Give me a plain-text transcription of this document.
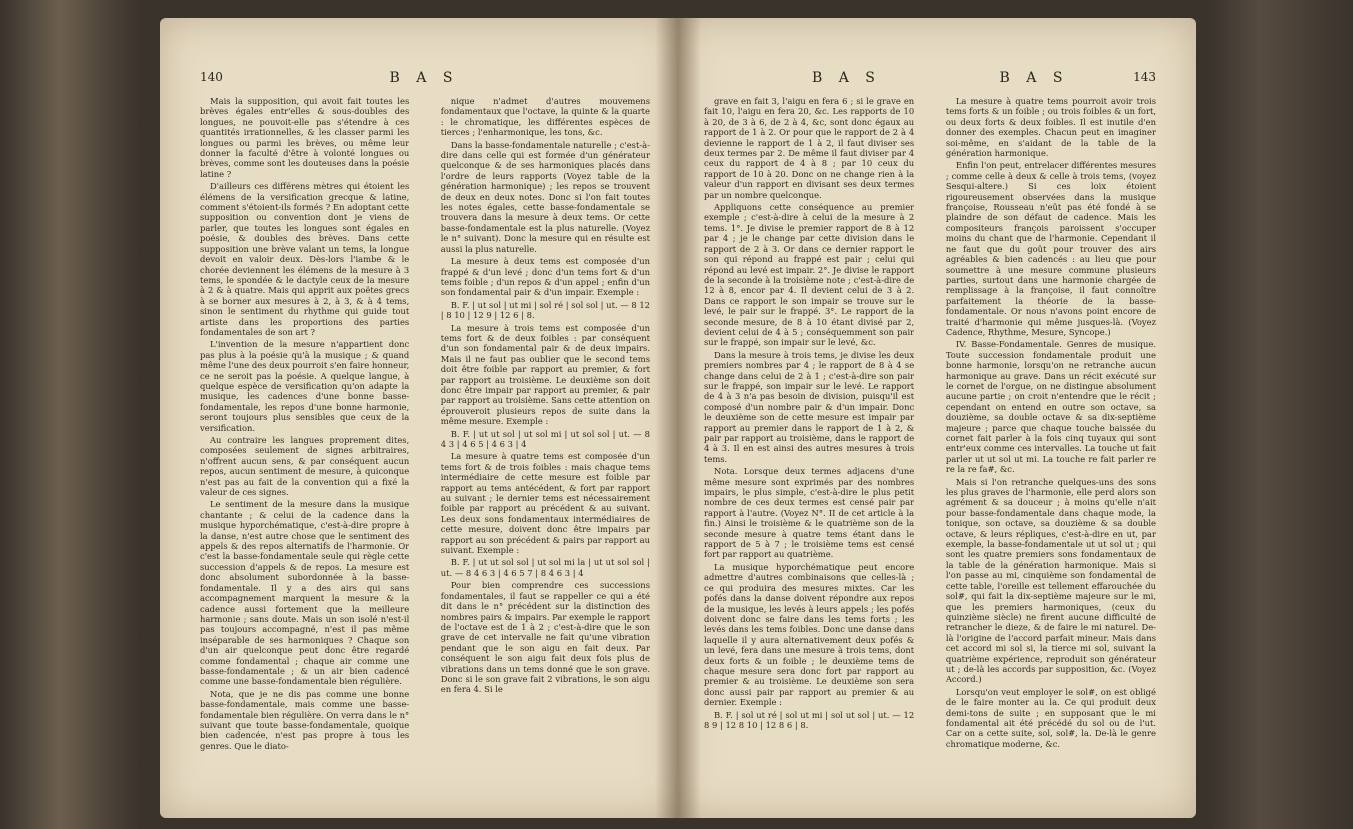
140	B A S

Mais la supposition, qui avoit fait toutes les brèves égales entr'elles & sous-doubles des longues, ne pouvoit-elle pas s'étendre à ces quantités irrationnelles, & les classer parmi les longues ou parmi les brèves, ou même leur donner la faculté d'être à volonté longues ou brèves, comme sont les douteuses dans la poésie latine ?

D'ailleurs ces différens mètres qui étoient les élémens de la versification grecque & latine, comment s'étoient-ils formés ? En adoptant cette supposition ou convention dont je viens de parler, que toutes les longues sont égales en poésie, & doubles des brèves. Dans cette supposition une brève valant un tems, la longue devoit en valoir deux. Dès-lors l'iambe & le chorée deviennent les élémens de la mesure à 3 tems, le spondée & le dactyle ceux de la mesure à 2 & à quatre. Mais qui apprit aux poëtes grecs à se borner aux mesures à 2, à 3, & à 4 tems, sinon le sentiment du rhythme qui guide tout artiste dans les proportions des parties fondamentales de son art ?

L'invention de la mesure n'appartient donc pas plus à la poésie qu'à la musique ; & quand même l'une des deux pourroit s'en faire honneur, ce ne seroit pas la poésie. A quelque langue, à quelque espèce de versification qu'on adapte la musique, les cadences d'une bonne basse-fondamentale, les repos d'une bonne harmonie, seront toujours plus sensibles que ceux de la versification.

Au contraire les langues proprement dites, composées seulement de signes arbitraires, n'offrent aucun sens, & par conséquent aucun repos, aucun sentiment de mesure, à quiconque n'est pas au fait de la convention qui a fixé la valeur de ces signes.

Le sentiment de la mesure dans la musique chantante ; & celui de la cadence dans la musique hyporchématique, c'est-à-dire propre à la danse, n'est autre chose que le sentiment des appels & des repos alternatifs de l'harmonie. Or c'est la basse-fondamentale seule qui règle cette succession d'appels & de repos. La mesure est donc absolument subordonnée à la basse-fondamentale. Il y a des airs qui sans accompagnement marquent la mesure & la cadence aussi fortement que la meilleure harmonie ; sans doute. Mais un son isolé n'est-il pas toujours accompagné, n'est il pas même inséparable de ses harmoniques ? Chaque son d'un air quelconque peut donc être regardé comme fondamental ; chaque air comme une basse-fondamentale ; & un air bien cadencé comme une basse-fondamentale bien régulière.

Nota, que je ne dis pas comme une bonne basse-fondamentale, mais comme une basse-fondamentale bien régulière. On verra dans le n° suivant que toute basse-fondamentale, quoique bien cadencée, n'est pas propre à tous les genres. Que le diato-

nique n'admet d'autres mouvemens fondamentaux que l'octave, la quinte & la quarte : le chromatique, les différentes espèces de tierces ; l'enharmonique, les tons, &c.

Dans la basse-fondamentale naturelle ; c'est-à-dire dans celle qui est formée d'un générateur quelconque & de ses harmoniques placés dans l'ordre de leurs rapports (Voyez table de la génération harmonique) ; les repos se trouvent de deux en deux notes. Donc si l'on fait toutes les notes égales, cette basse-fondamentale se trouvera dans la mesure à deux tems. Or cette basse-fondamentale est la plus naturelle. (Voyez le n° suivant). Donc la mesure qui en résulte est aussi la plus naturelle.

La mesure à deux tems est composée d'un frappé & d'un levé ; donc d'un tems fort & d'un tems foible ; d'un repos & d'un appel ; enfin d'un son fondamental pair & d'un impair. Exemple :

B. F. | ut sol | ut mi | sol ré | sol sol | ut. — 8 12 | 8 10 | 12 9 | 12 6 | 8.

La mesure à trois tems est composée d'un tems fort & de deux foibles : par conséquent d'un son fondamental pair & de deux impairs. Mais il ne faut pas oublier que le second tems doit être foible par rapport au premier, & fort par rapport au troisième. Le deuxième son doit donc être impair par rapport au premier, & pair par rapport au troisième. Sans cette attention on éprouveroit plusieurs repos de suite dans la même mesure. Exemple :

B. F. | ut ut sol | ut sol mi | ut sol sol | ut. — 8 4 3 | 4 6 5 | 4 6 3 | 4

La mesure à quatre tems est composée d'un tems fort & de trois foibles : mais chaque tems intermédiaire de cette mesure est foible par rapport au tems antécédent, & fort par rapport au suivant ; le dernier tems est nécessairement foible par rapport au précédent & au suivant. Les deux sons fondamentaux intermédiaires de cette mesure, doivent donc être impairs par rapport au son précédent & pairs par rapport au suivant. Exemple :

B. F. | ut ut sol sol | ut sol mi la | ut ut sol sol | ut. — 8 4 6 3 | 4 6 5 7 | 8 4 6 3 | 4

Pour bien comprendre ces successions fondamentales, il faut se rappeller ce qui a été dit dans le n° précédent sur la distinction des nombres pairs & impairs. Par exemple le rapport de l'octave est de 1 à 2 ; c'est-à-dire que le son grave de cet intervalle ne fait qu'une vibration pendant que le son aigu en fait deux. Par conséquent le son aigu fait deux fois plus de vibrations dans un tems donné que le son grave. Donc si le son grave fait 2 vibrations, le son aigu en fera 4. Si le

B A S	B A S	143

grave en fait 3, l'aigu en fera 6 ; si le grave en fait 10, l'aigu en fera 20, &c. Les rapports de 10 à 20, de 3 à 6, de 2 à 4, &c, sont donc égaux au rapport de 1 à 2. Or pour que le rapport de 2 à 4 devienne le rapport de 1 à 2, il faut diviser ses deux termes par 2. De même il faut diviser par 4 ceux du rapport de 4 à 8 ; par 10 ceux du rapport de 10 à 20. Donc on ne change rien à la valeur d'un rapport en divisant ses deux termes par un nombre quelconque.

Appliquons cette conséquence au premier exemple ; c'est-à-dire à celui de la mesure à 2 tems. 1°. Je divise le premier rapport de 8 à 12 par 4 ; je le change par cette division dans le rapport de 2 à 3. Or dans ce dernier rapport le son qui répond au frappé est pair ; celui qui répond au levé est impair. 2°. Je divise le rapport de la seconde à la troisième note ; c'est-à-dire de 12 à 8, encor par 4. Il devient celui de 3 à 2. Dans ce rapport le son impair se trouve sur le levé, le pair sur le frappé. 3°. Le rapport de la seconde mesure, de 8 à 10 étant divisé par 2, devient celui de 4 à 5 ; conséquemment son pair sur le frappé, son impair sur le levé, &c.

Dans la mesure à trois tems, je divise les deux premiers nombres par 4 ; le rapport de 8 à 4 se change dans celui de 2 à 1 ; c'est-à-dire son pair sur le frappé, son impair sur le levé. Le rapport de 4 à 3 n'a pas besoin de division, puisqu'il est composé d'un nombre pair & d'un impair. Donc le deuxième son de cette mesure est impair par rapport au premier dans le rapport de 1 à 2, & pair par rapport au troisième, dans le rapport de 4 à 3. Il en est ainsi des autres mesures à trois tems.

Nota. Lorsque deux termes adjacens d'une même mesure sont exprimés par des nombres impairs, le plus simple, c'est-à-dire le plus petit nombre de ces deux termes est censé pair par rapport à l'autre. (Voyez N°. II de cet article à la fin.) Ainsi le troisième & le quatrième son de la seconde mesure à quatre tems étant dans le rapport de 5 à 7 ; le troisième tems est censé fort par rapport au quatrième.

La musique hyporchématique peut encore admettre d'autres combinaisons que celles-là ; ce qui produira des mesures mixtes. Car les pofés dans la danse doivent répondre aux repos de la musique, les levés à leurs appels ; les pofés doivent donc se faire dans les tems forts ; les levés dans les tems foibles. Donc une danse dans laquelle il y aura alternativement deux pofés & un levé, fera dans une mesure à trois tems, dont deux forts & un foible ; le deuxième tems de chaque mesure sera donc fort par rapport au premier & au troisième. Le deuxième son sera donc aussi pair par rapport au premier & au dernier. Exemple :

B. F. | sol ut ré | sol ut mi | sol ut sol | ut. — 12 8 9 | 12 8 10 | 12 8 6 | 8.

La mesure à quatre tems pourroit avoir trois tems forts & un foible ; ou trois foibles & un fort, ou deux forts & deux foibles. Il est inutile d'en donner des exemples. Chacun peut en imaginer soi-même, en s'aidant de la table de la génération harmonique.

Enfin l'on peut, entrelacer différentes mesures ; comme celle à deux & celle à trois tems, (voyez Sesqui-altere.) Si ces loix étoient rigoureusement observées dans la musique françoise, Rousseau n'eût pas été fondé à se plaindre de son défaut de cadence. Mais les compositeurs françois paroissent s'occuper moins du chant que de l'harmonie. Cependant il ne faut que du goût pour trouver des airs agréables & bien cadencés : au lieu que pour soumettre à une mesure commune plusieurs parties, surtout dans une harmonie chargée de remplissage à la françoise, il faut connoître parfaitement la théorie de la basse-fondamentale. Or nous n'avons point encore de traité d'harmonie qui même jusques-là. (Voyez Cadence, Rhythme, Mesure, Syncope.)

IV. Basse-Fondamentale. Genres de musique. Toute succession fondamentale produit une bonne harmonie, lorsqu'on ne retranche aucun harmonique au grave. Dans un récit exécuté sur le cornet de l'orgue, on ne distingue absolument aucune partie ; on croit n'entendre que le récit ; cependant on entend en outre son octave, sa douzième, sa double octave & sa dix-septième majeure ; parce que chaque touche baissée du cornet fait parler à la fois cinq tuyaux qui sont entr'eux comme ces intervalles. La touche ut fait parler ut ut sol ut mi. La touche re fait parler re re la re fa#, &c.

Mais si l'on retranche quelques-uns des sons les plus graves de l'harmonie, elle perd alors son agrément & sa douceur ; à moins qu'elle n'ait pour basse-fondamentale dans chaque mode, la tonique, son octave, sa douzième & sa double octave, & leurs répliques, c'est-à-dire en ut, par exemple, la basse-fondamentale ut ut sol ut ; qui sont les quatre premiers sons fondamentaux de la table de la génération harmonique. Mais si l'on passe au mi, cinquième son fondamental de cette table, l'oreille est tellement effarouchée du sol#, qui fait la dix-septième majeure sur le mi, que les premiers harmoniques, (ceux du quinzième siècle) ne firent aucune difficulté de retrancher le dieze, & de faire le mi naturel. De-là l'origine de l'accord parfait mineur. Mais dans cet accord mi sol si, la tierce mi sol, suivant la quatrième expérience, reproduit son générateur ut ; de-là les accords par supposition, &c. (Voyez Accord.)

Lorsqu'on veut employer le sol#, on est obligé de le faire monter au la. Ce qui produit deux demi-tons de suite ; en supposant que le mi fondamental ait été précédé du sol ou de l'ut. Car on a cette suite, sol, sol#, la. De-là le genre chromatique moderne, &c.
